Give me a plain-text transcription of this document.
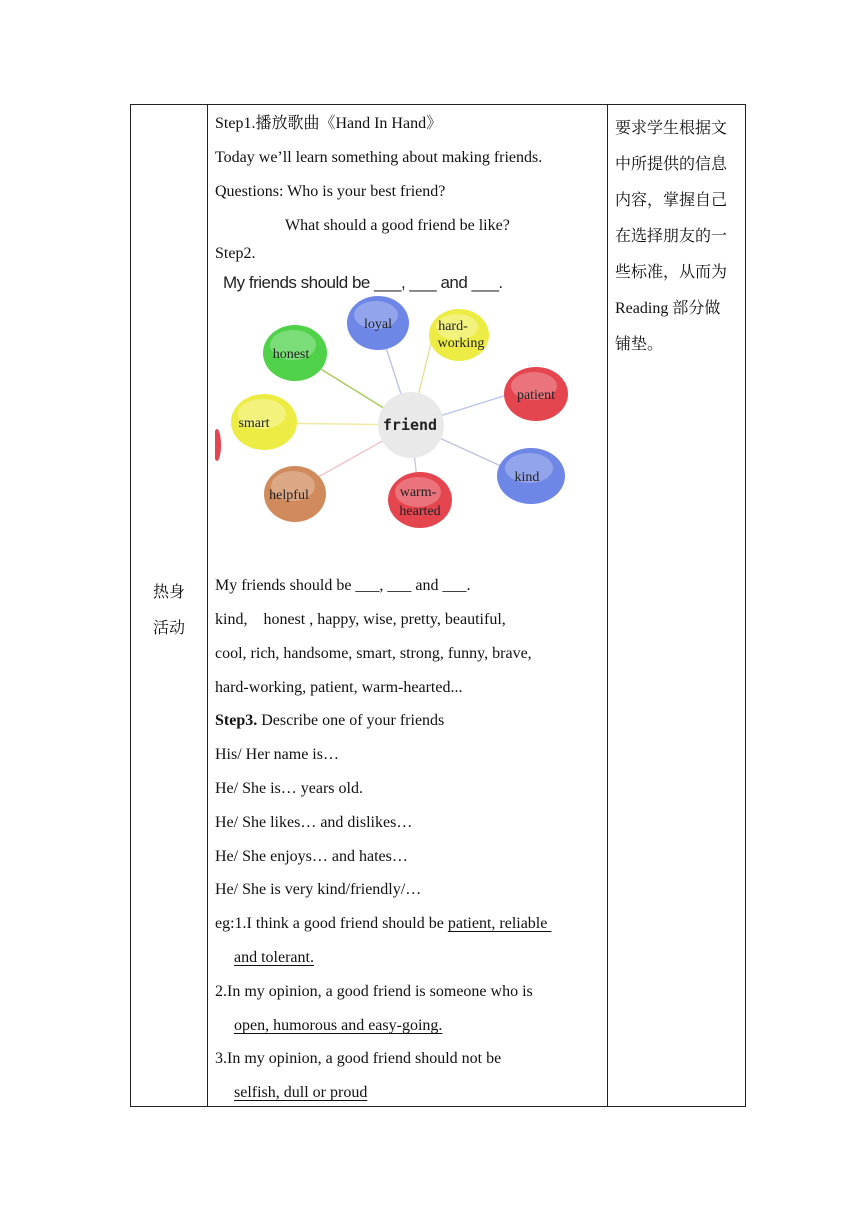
热身
活动
Step1.播放歌曲《Hand In Hand》
Today we’ll learn something about making friends.
Questions: Who is your best friend?
What should a good friend be like?
Step2.
My friends should be ___, ___ and ___.
loyal	hard-
working
honest
patient
smart
kind
helpful	warm-
hearted
friend
My friends should be ___, ___ and ___.
kind,    honest , happy, wise, pretty, beautiful,
cool, rich, handsome, smart, strong, funny, brave,
hard-working, patient, warm-hearted...
Step3. Describe one of your friends
His/ Her name is…
He/ She is… years old.
He/ She likes… and dislikes…
He/ She enjoys… and hates…
He/ She is very kind/friendly/…
eg:1.I think a good friend should be patient, reliable
and tolerant.
2.In my opinion, a good friend is someone who is
open, humorous and easy-going.
3.In my opinion, a good friend should not be
selfish, dull or proud
要求学生根据文
中所提供的信息
内容，掌握自己
在选择朋友的一
些标准，从而为
Reading 部分做
铺垫。
